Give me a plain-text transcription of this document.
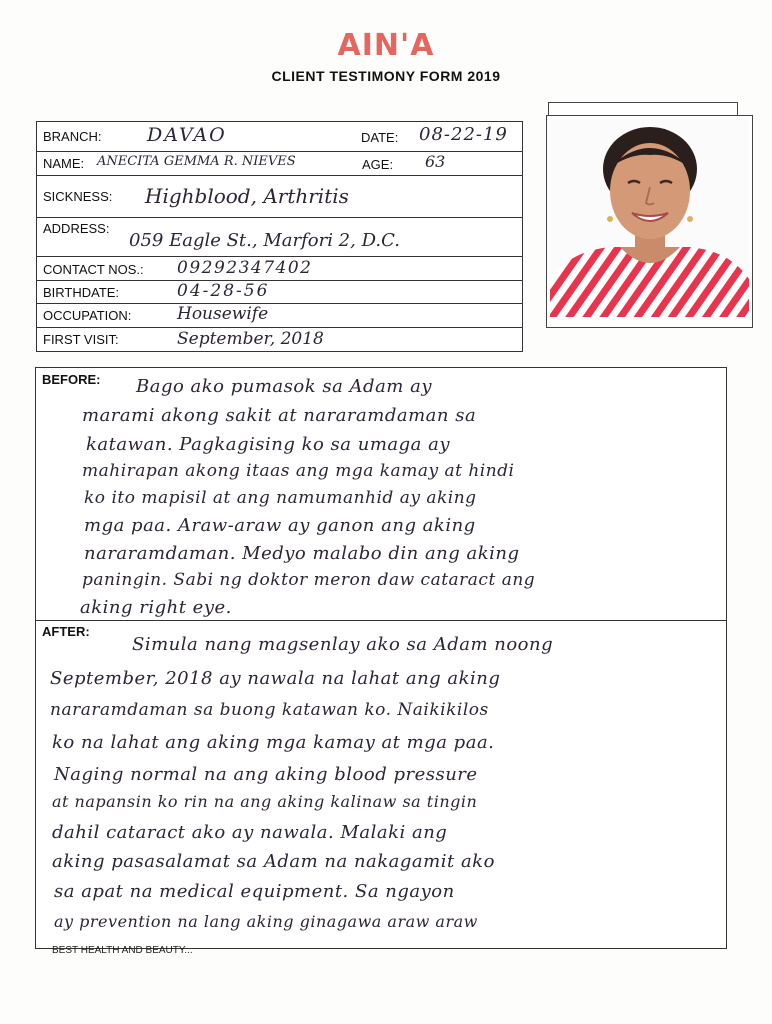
AIN'A
CLIENT TESTIMONY FORM 2019
BRANCH: DAVAO	DATE: 08-22-19
NAME: ANECITA GEMMA R. NIEVES	AGE: 63
SICKNESS: Highblood, Arthritis
ADDRESS:
059 Eagle St., Marfori 2, D.C.
CONTACT NOS.: 09292347402
BIRTHDATE:	04-28-56
OCCUPATION:	Housewife
FIRST VISIT:	September, 2018
BEFORE: Bago ako pumasok sa Adam ay
marami akong sakit at nararamdaman sa
katawan. Pagkagising ko sa umaga ay
mahirapan akong itaas ang mga kamay at hindi
ko ito mapisil at ang namumanhid ay aking
mga paa. Araw-araw ay ganon ang aking
nararamdaman. Medyo malabo din ang aking
paningin. Sabi ng doktor meron daw cataract ang
aking right eye.
AFTER:
Simula nang magsenlay ako sa Adam noong
September, 2018 ay nawala na lahat ang aking
nararamdaman sa buong katawan ko. Naikikilos
ko na lahat ang aking mga kamay at mga paa.
Naging normal na ang aking blood pressure
at napansin ko rin na ang aking kalinaw sa tingin
dahil cataract ako ay nawala. Malaki ang
aking pasasalamat sa Adam na nakagamit ako
sa apat na medical equipment. Sa ngayon
ay prevention na lang aking ginagawa araw araw
BEST HEALTH AND BEAUTY...
